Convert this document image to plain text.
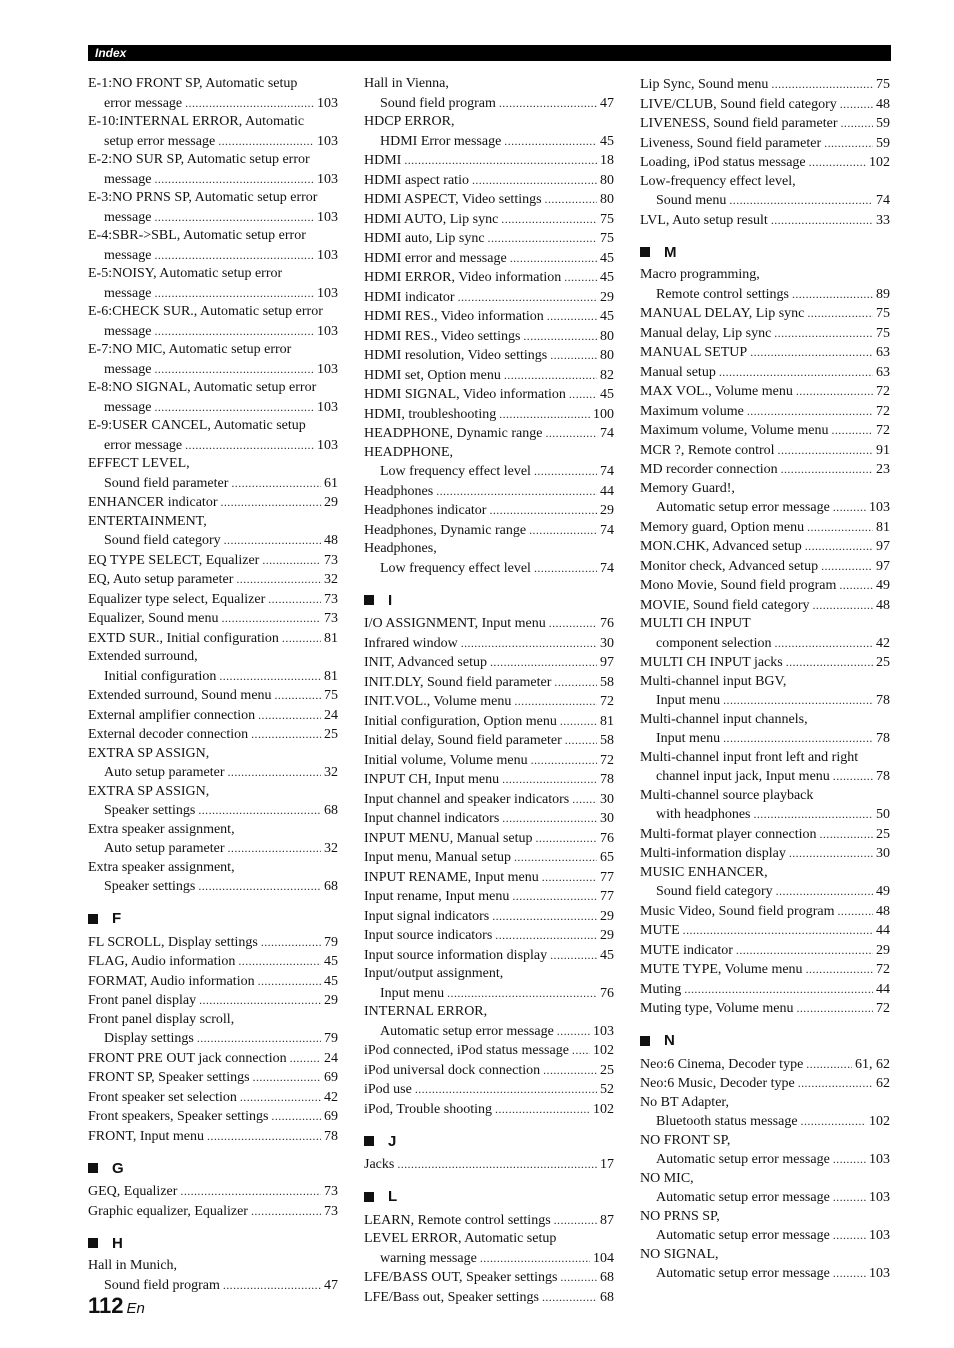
Index
E-1:NO FRONT SP, Automatic setup
error message . . .	103
E-10:INTERNAL ERROR, Automatic
setup error message . . .	103
E-2:NO SUR SP, Automatic setup error
message . . .	103
E-3:NO PRNS SP, Automatic setup error
message . . .	103
E-4:SBR->SBL, Automatic setup error
message . . .	103
E-5:NOISY, Automatic setup error
message . . .	103
E-6:CHECK SUR., Automatic setup error
message . . .	103
E-7:NO MIC, Automatic setup error
message . . .	103
E-8:NO SIGNAL, Automatic setup error
message . . .	103
E-9:USER CANCEL, Automatic setup
error message . . .	103
EFFECT LEVEL,
Sound field parameter . . .	61
ENHANCER indicator . . .	29
ENTERTAINMENT,
Sound field category . . .	48
EQ TYPE SELECT, Equalizer . . .	73
EQ, Auto setup parameter . . .	32
Equalizer type select, Equalizer . . .	73
Equalizer, Sound menu . . .	73
EXTD SUR., Initial configuration . . .	81
Extended surround,
Initial configuration . . .	81
Extended surround, Sound menu . . .	75
External amplifier connection . . .	24
External decoder connection . . .	25
EXTRA SP ASSIGN,
Auto setup parameter . . .	32
EXTRA SP ASSIGN,
Speaker settings . . .	68
Extra speaker assignment,
Auto setup parameter . . .	32
Extra speaker assignment,
Speaker settings . . .	68
F
FL SCROLL, Display settings . . .	79
FLAG, Audio information . . .	45
FORMAT, Audio information . . .	45
Front panel display . . .	29
Front panel display scroll,
Display settings . . .	79
FRONT PRE OUT jack connection . . .	24
FRONT SP, Speaker settings . . .	69
Front speaker set selection . . .	42
Front speakers, Speaker settings . . .	69
FRONT, Input menu . . .	78
G
GEQ, Equalizer . . .	73
Graphic equalizer, Equalizer . . .	73
H
Hall in Munich,
Sound field program . . .	47
Hall in Vienna,
Sound field program . . .	47
HDCP ERROR,
HDMI Error message . . .	45
HDMI . . .	18
HDMI aspect ratio . . .	80
HDMI ASPECT, Video settings . . .	80
HDMI AUTO, Lip sync . . .	75
HDMI auto, Lip sync . . .	75
HDMI error and message . . .	45
HDMI ERROR, Video information . . .	45
HDMI indicator . . .	29
HDMI RES., Video information . . .	45
HDMI RES., Video settings . . .	80
HDMI resolution, Video settings . . .	80
HDMI set, Option menu . . .	82
HDMI SIGNAL, Video information . . . 45
HDMI, troubleshooting . . .	100
HEADPHONE, Dynamic range . . .	74
HEADPHONE,
Low frequency effect level . . .	74
Headphones . . .	44
Headphones indicator . . .	29
Headphones, Dynamic range . . .	74
Headphones,
Low frequency effect level . . .	74
I
I/O ASSIGNMENT, Input menu . . .	76
Infrared window . . .	30
INIT, Advanced setup . . .	97
INIT.DLY, Sound field parameter . . .	58
INIT.VOL., Volume menu . . .	72
Initial configuration, Option menu . . .	81
Initial delay, Sound field parameter . . .	58
Initial volume, Volume menu . . .	72
INPUT CH, Input menu . . .	78
Input channel and speaker indicators . . . 30
Input channel indicators . . .	30
INPUT MENU, Manual setup . . .	76
Input menu, Manual setup . . .	65
INPUT RENAME, Input menu . . .	77
Input rename, Input menu . . .	77
Input signal indicators . . .	29
Input source indicators . . .	29
Input source information display . . .	45
Input/output assignment,
Input menu . . .	76
INTERNAL ERROR,
Automatic setup error message . . .	103
iPod connected, iPod status message . . . 102
iPod universal dock connection . . .	25
iPod use . . .	52
iPod, Trouble shooting . . .	102
J
Jacks . . .	17
L
LEARN, Remote control settings . . .	87
LEVEL ERROR, Automatic setup
warning message . . .	104
LFE/BASS OUT, Speaker settings . . .	68
LFE/Bass out, Speaker settings . . .	68
Lip Sync, Sound menu . . .	75
LIVE/CLUB, Sound field category . . .	48
LIVENESS, Sound field parameter . . .	59
Liveness, Sound field parameter . . .	59
Loading, iPod status message . . .	102
Low-frequency effect level,
Sound menu . . .	74
LVL, Auto setup result . . .	33
M
Macro programming,
Remote control settings . . .	89
MANUAL DELAY, Lip sync . . .	75
Manual delay, Lip sync . . .	75
MANUAL SETUP . . .	63
Manual setup . . .	63
MAX VOL., Volume menu . . .	72
Maximum volume . . .	72
Maximum volume, Volume menu . . .	72
MCR ?, Remote control . . .	91
MD recorder connection . . .	23
Memory Guard!,
Automatic setup error message . . .	103
Memory guard, Option menu . . .	81
MON.CHK, Advanced setup . . .	97
Monitor check, Advanced setup . . .	97
Mono Movie, Sound field program . . .	49
MOVIE, Sound field category . . .	48
MULTI CH INPUT
component selection . . .	42
MULTI CH INPUT jacks . . .	25
Multi-channel input BGV,
Input menu . . .	78
Multi-channel input channels,
Input menu . . .	78
Multi-channel input front left and right
channel input jack, Input menu . . .	78
Multi-channel source playback
with headphones . . .	50
Multi-format player connection . . .	25
Multi-information display . . .	30
MUSIC ENHANCER,
Sound field category . . .	49
Music Video, Sound field program . . .	48
MUTE . . .	44
MUTE indicator . . .	29
MUTE TYPE, Volume menu . . .	72
Muting . . .	44
Muting type, Volume menu . . .	72
N
Neo:6 Cinema, Decoder type . . .	61, 62
Neo:6 Music, Decoder type . . .	62
No BT Adapter,
Bluetooth status message . . .	102
NO FRONT SP,
Automatic setup error message . . .	103
NO MIC,
Automatic setup error message . . .	103
NO PRNS SP,
Automatic setup error message . . .	103
NO SIGNAL,
Automatic setup error message . . .	103
112 En
